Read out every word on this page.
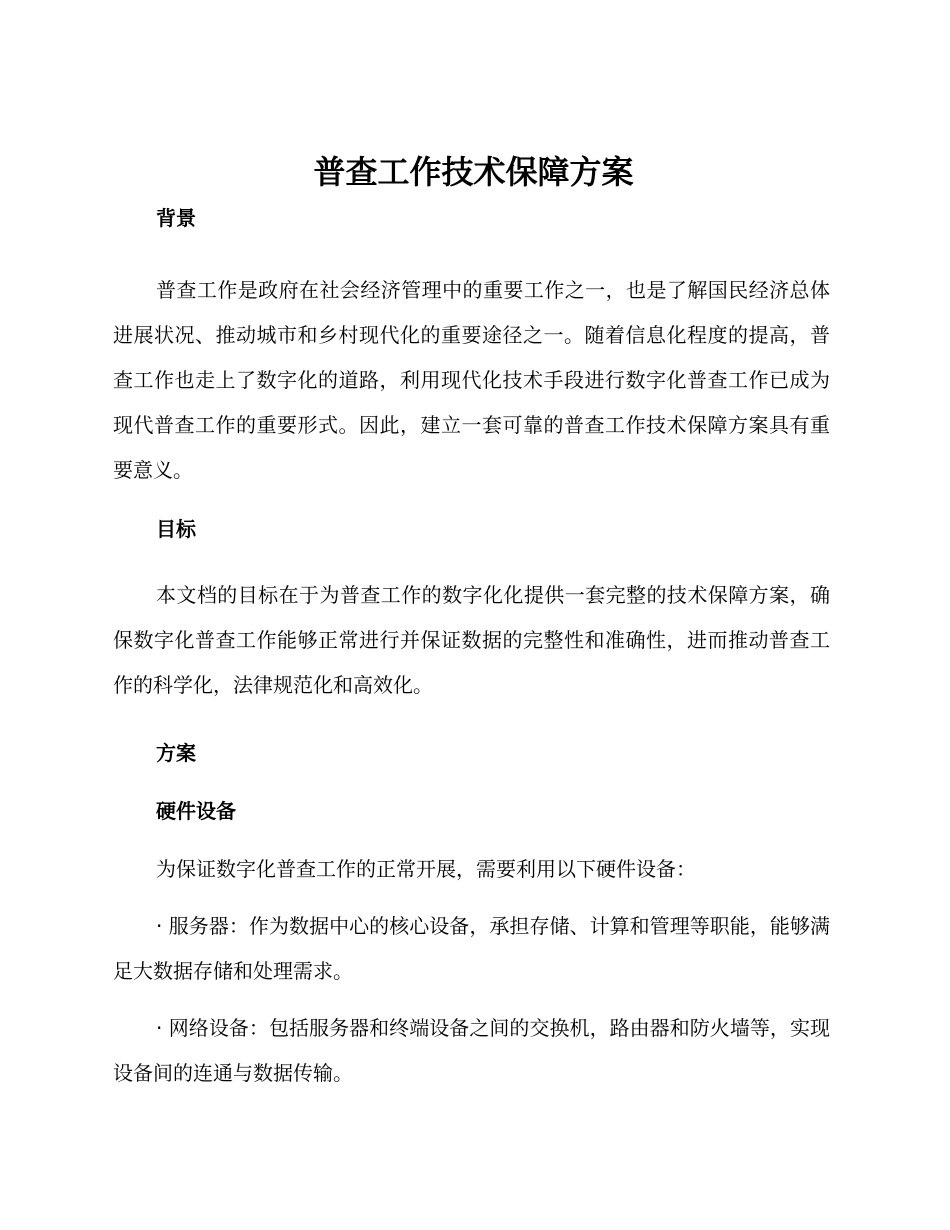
普查工作技术保障方案
背景

普查工作是政府在社会经济管理中的重要工作之一，也是了解国民经济总体进展状况、推动城市和乡村现代化的重要途径之一。随着信息化程度的提高，普查工作也走上了数字化的道路，利用现代化技术手段进行数字化普查工作已成为现代普查工作的重要形式。因此，建立一套可靠的普查工作技术保障方案具有重要意义。

目标

本文档的目标在于为普查工作的数字化化提供一套完整的技术保障方案，确保数字化普查工作能够正常进行并保证数据的完整性和准确性，进而推动普查工作的科学化，法律规范化和高效化。

方案
硬件设备

为保证数字化普查工作的正常开展，需要利用以下硬件设备：

· 服务器：作为数据中心的核心设备，承担存储、计算和管理等职能，能够满足大数据存储和处理需求。

· 网络设备：包括服务器和终端设备之间的交换机，路由器和防火墙等，实现设备间的连通与数据传输。
